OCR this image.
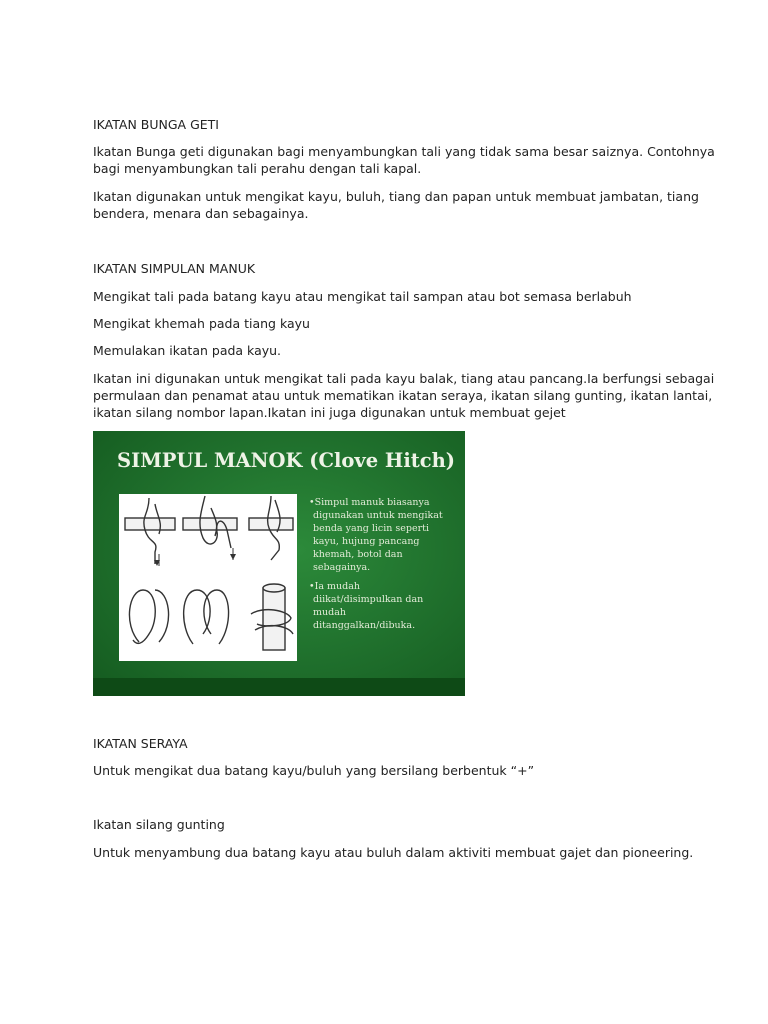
IKATAN BUNGA GETI

Ikatan Bunga geti digunakan bagi menyambungkan tali yang tidak sama besar saiznya. Contohnya

bagi menyambungkan tali perahu dengan tali kapal.

Ikatan digunakan untuk mengikat kayu, buluh, tiang dan papan untuk membuat jambatan, tiang

bendera, menara dan sebagainya.

IKATAN SIMPULAN MANUK

Mengikat tali pada batang kayu atau mengikat tail sampan atau bot semasa berlabuh

Mengikat khemah pada tiang kayu

Memulakan ikatan pada kayu.

Ikatan ini digunakan untuk mengikat tali pada kayu balak, tiang atau pancang.Ia berfungsi sebagai

permulaan dan penamat atau untuk mematikan ikatan seraya, ikatan silang gunting, ikatan lantai,

ikatan silang nombor lapan.Ikatan ini juga digunakan untuk membuat gejet

SIMPUL MANOK (Clove Hitch)
•Simpul manuk biasanya
digunakan untuk mengikat
benda yang licin seperti
kayu, hujung pancang
khemah, botol dan
sebagainya.
•Ia mudah
diikat/disimpulkan dan
mudah
ditanggalkan/dibuka.

IKATAN SERAYA

Untuk mengikat dua batang kayu/buluh yang bersilang berbentuk “+”

Ikatan silang gunting

Untuk menyambung dua batang kayu atau buluh dalam aktiviti membuat gajet dan pioneering.
